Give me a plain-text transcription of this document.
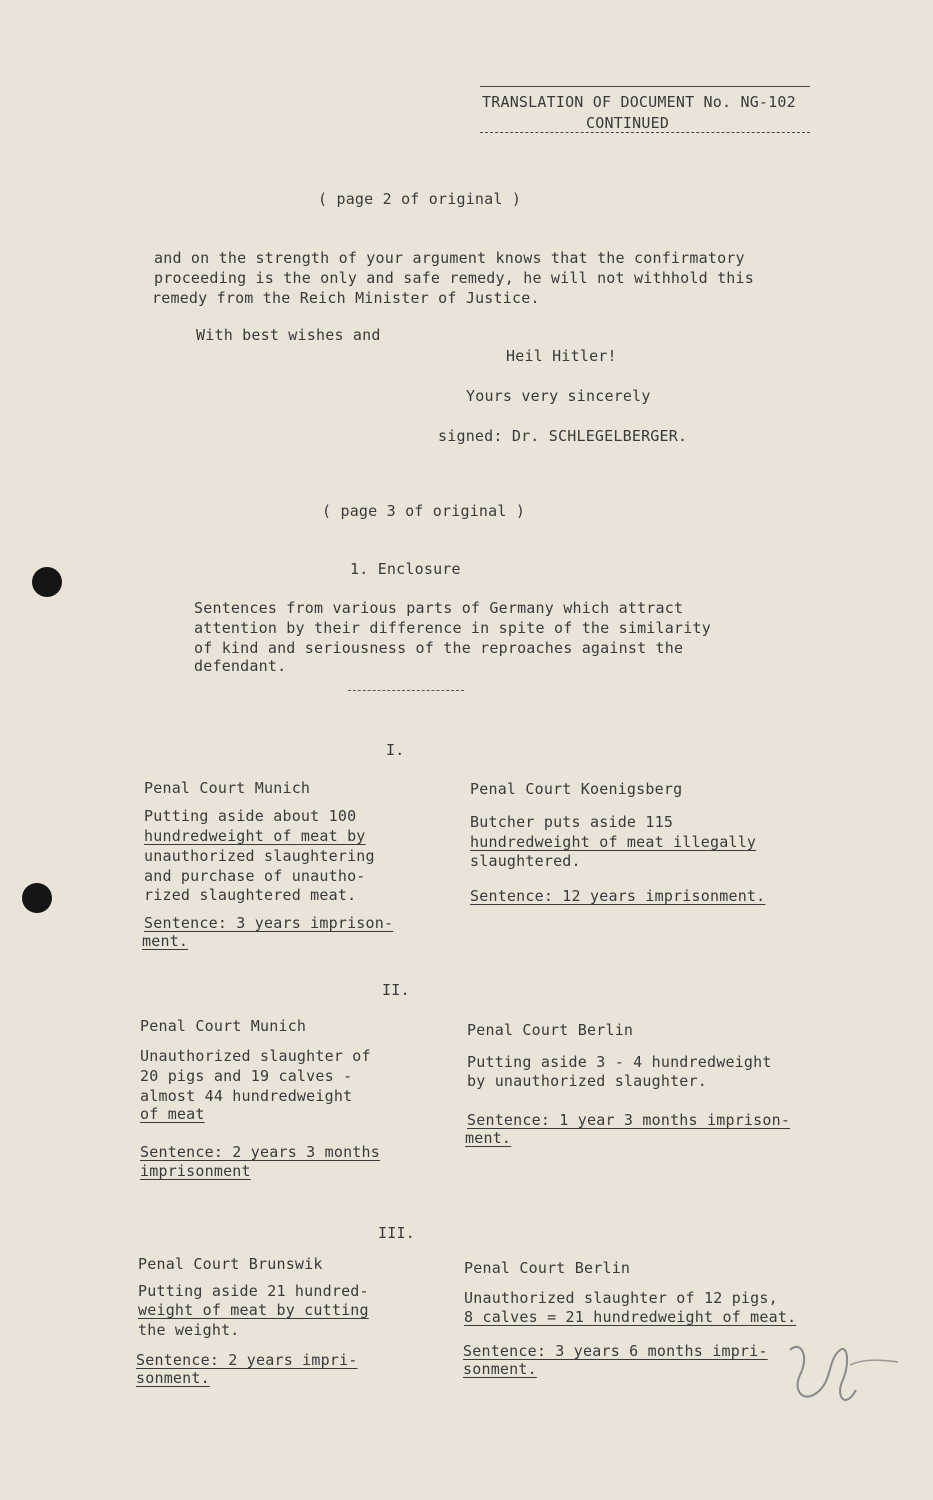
TRANSLATION OF DOCUMENT No. NG-102
CONTINUED
( page 2 of original )
and on the strength of your argument knows that the confirmatory
proceeding is the only and safe remedy, he will not withhold this
remedy from the Reich Minister of Justice.
With best wishes and
Heil Hitler!
Yours very sincerely
signed: Dr. SCHLEGELBERGER.
( page 3 of original )
1. Enclosure
Sentences from various parts of Germany which attract
attention by their difference in spite of the similarity
of kind and seriousness of the reproaches against the
defendant.
I.
Penal Court Munich
Putting aside about 100
hundredweight of meat by
unauthorized slaughtering
and purchase of unautho-
rized slaughtered meat.
Sentence: 3 years imprison-
ment.
Penal Court Koenigsberg
Butcher puts aside 115
hundredweight of meat illegally
slaughtered.
Sentence: 12 years imprisonment.
II.
Penal Court Munich
Unauthorized slaughter of
20 pigs and 19 calves -
almost 44 hundredweight
of meat
Sentence: 2 years 3 months
imprisonment
Penal Court Berlin
Putting aside 3 - 4 hundredweight
by unauthorized slaughter.
Sentence: 1 year 3 months imprison-
ment.
III.
Penal Court Brunswik
Putting aside 21 hundred-
weight of meat by cutting
the weight.
Sentence: 2 years impri-
sonment.
Penal Court Berlin
Unauthorized slaughter of 12 pigs,
8 calves = 21 hundredweight of meat.
Sentence: 3 years 6 months impri-
sonment.
